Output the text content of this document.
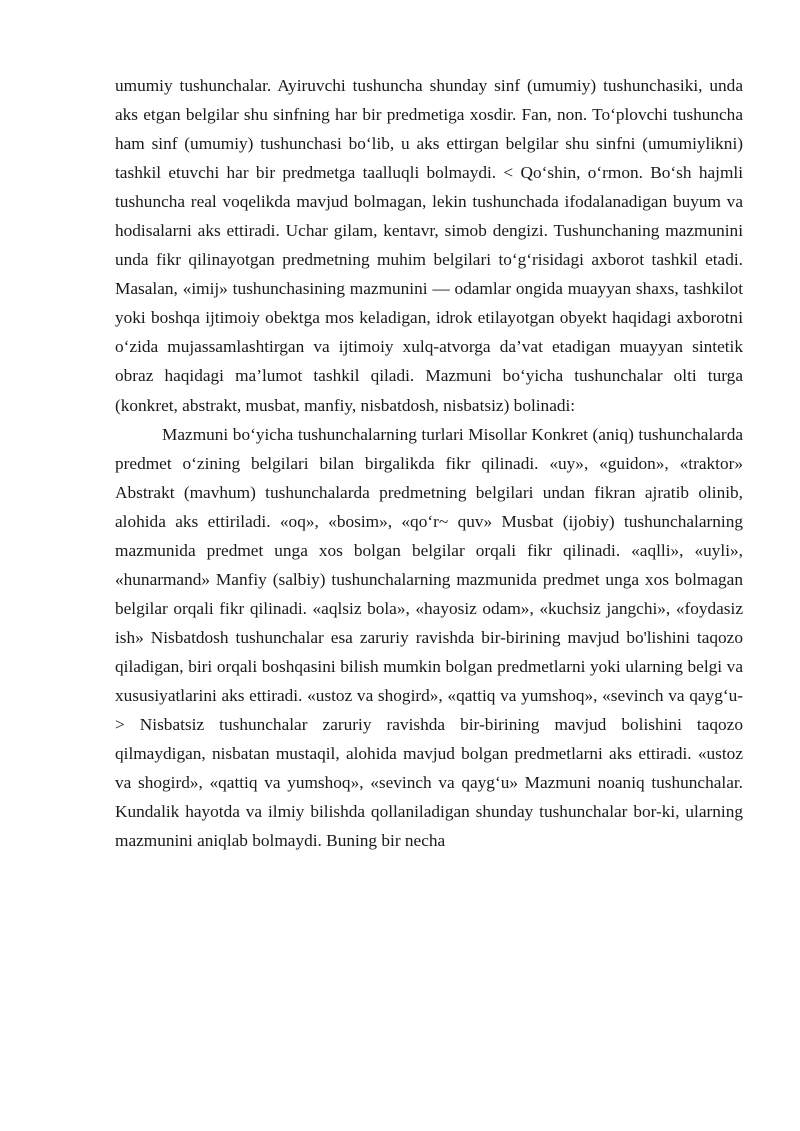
umumiy tushunchalar. Ayiruvchi tushuncha shunday sinf (umumiy) tushunchasiki, unda aks etgan belgilar shu sinfning har bir predmetiga xosdir. Fan, non. To‘plovchi tushuncha ham sinf (umumiy) tushunchasi bo‘lib, u aks ettirgan belgilar shu sinfni (umumiylikni) tashkil etuvchi har bir predmetga taalluqli bolmaydi. < Qo‘shin, o‘rmon. Bo‘sh hajmli tushuncha real voqelikda mavjud bolmagan, lekin tushunchada ifodalanadigan buyum va hodisalarni aks ettiradi. Uchar gilam, kentavr, simob dengizi. Tushunchaning mazmunini unda fikr qilinayotgan predmetning muhim belgilari to‘g‘risidagi axborot tashkil etadi. Masalan, «imij» tushunchasining mazmunini — odamlar ongida muayyan shaxs, tashkilot yoki boshqa ijtimoiy obektga mos keladigan, idrok etilayotgan obyekt haqidagi axborotni o‘zida mujassamlashtirgan va ijtimoiy xulq-atvorga da’vat etadigan muayyan sintetik obraz haqidagi ma’lumot tashkil qiladi. Mazmuni bo‘yicha tushunchalar olti turga (konkret, abstrakt, musbat, manfiy, nisbatdosh, nisbatsiz) bolinadi:

Mazmuni bo‘yicha tushunchalarning turlari Misollar Konkret (aniq) tushunchalarda predmet o‘zining belgilari bilan birgalikda fikr qilinadi. «uy», «guidon», «traktor» Abstrakt (mavhum) tushunchalarda predmetning belgilari undan fikran ajratib olinib, alohida aks ettiriladi. «oq», «bosim», «qo‘r~ quv» Musbat (ijobiy) tushunchalarning mazmunida predmet unga xos bolgan belgilar orqali fikr qilinadi. «aqlli», «uyli», «hunarmand» Manfiy (salbiy) tushunchalarning mazmunida predmet unga xos bolmagan belgilar orqali fikr qilinadi. «aqlsiz bola», «hayosiz odam», «kuchsiz jangchi», «foydasiz ish» Nisbatdosh tushunchalar esa zaruriy ravishda bir-birining mavjud bo'lishini taqozo qiladigan, biri orqali boshqasini bilish mumkin bolgan predmetlarni yoki ularning belgi va xususiyatlarini aks ettiradi. «ustoz va shogird», «qattiq va yumshoq», «sevinch va qayg‘u-> Nisbatsiz tushunchalar zaruriy ravishda bir-birining mavjud bolishini taqozo qilmaydigan, nisbatan mustaqil, alohida mavjud bolgan predmetlarni aks ettiradi. «ustoz va shogird», «qattiq va yumshoq», «sevinch va qayg‘u» Mazmuni noaniq tushunchalar. Kundalik hayotda va ilmiy bilishda qollaniladigan shunday tushunchalar bor-ki, ularning mazmunini aniqlab bolmaydi. Buning bir necha
